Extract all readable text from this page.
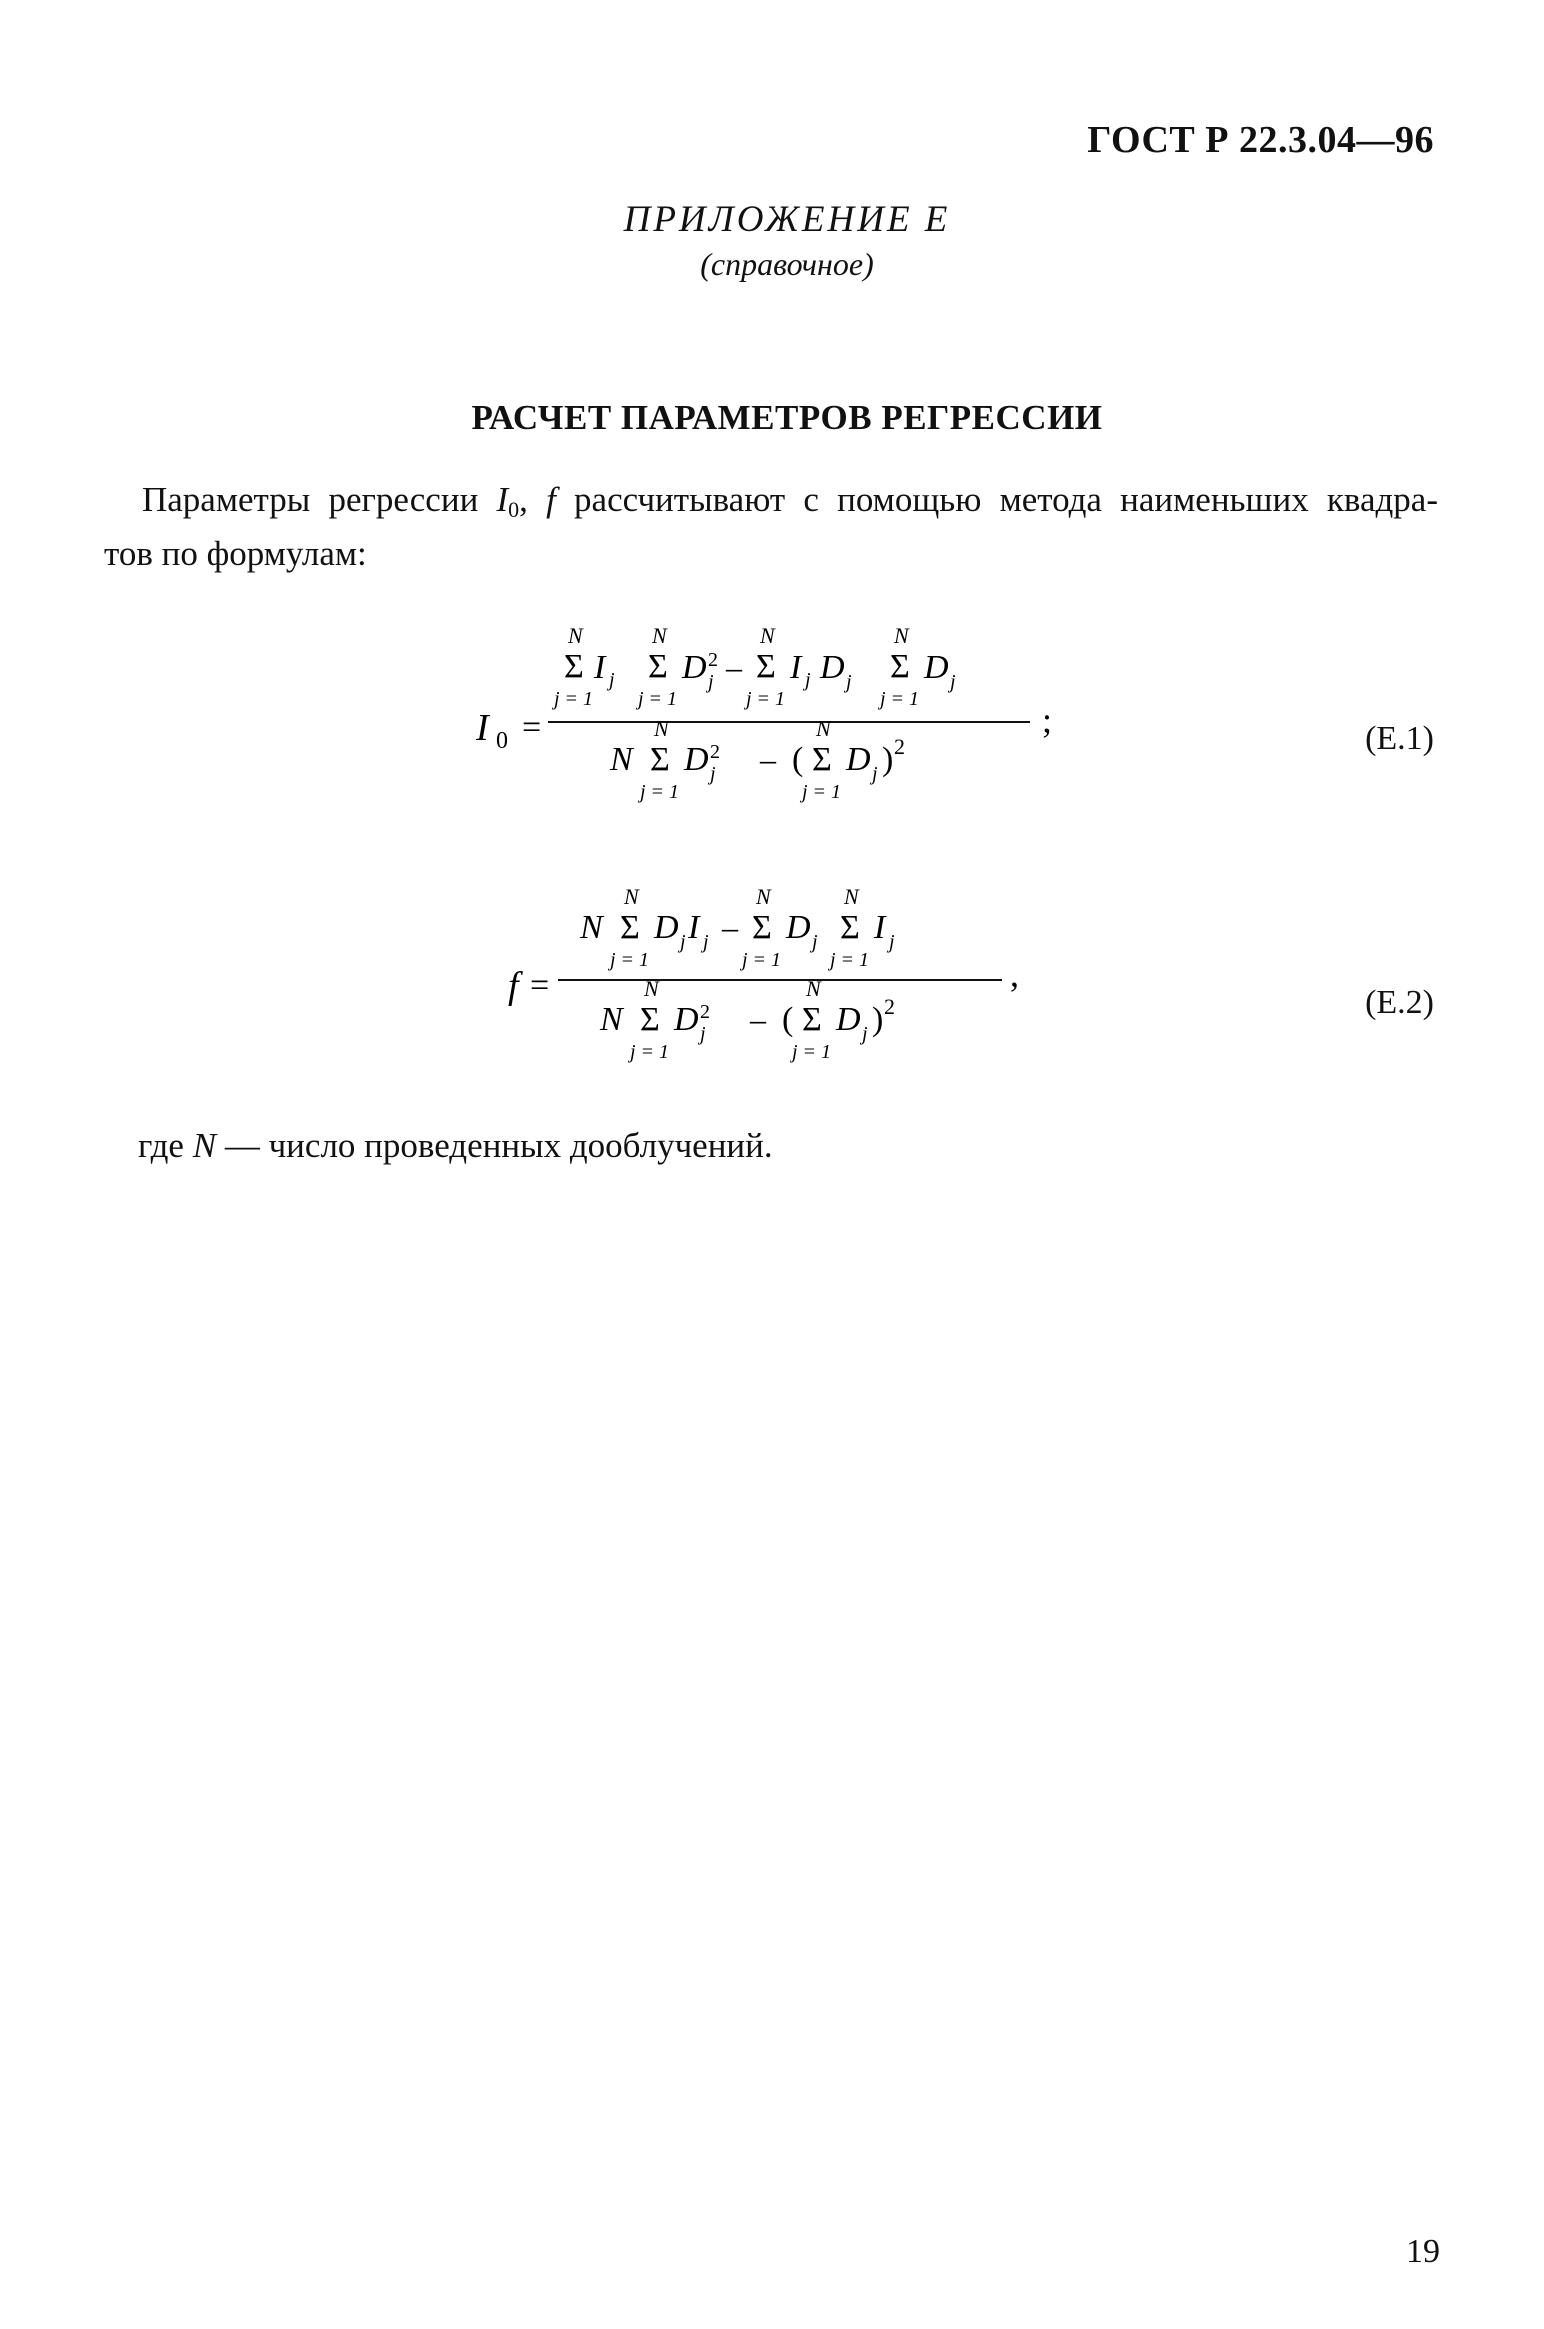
ГОСТ Р 22.3.04—96
ПРИЛОЖЕНИЕ Е
(справочное)
РАСЧЕТ ПАРАМЕТРОВ РЕГРЕССИИ

Параметры регрессии I0, f рассчитывают с помощью метода наименьших квадра-

тов по формулам:

I 0 =	;
N
Σ
j = 1
I j
N
Σ
j = 1
D 2
j –
N
Σ
j = 1
I j D j
N
Σ
j = 1
D j
N
N
Σ
j = 1
D 2
j – (
N
Σ
j = 1
D j ) 2	(E.1)
f =	,
N
N
Σ
j = 1
D j I j –
N
Σ
j = 1
D j
N
Σ
j = 1
I j
N
N
Σ
j = 1
D 2
j – (
N
Σ
j = 1
D j ) 2	(E.2)
где N — число проведенных дооблучений.
19
